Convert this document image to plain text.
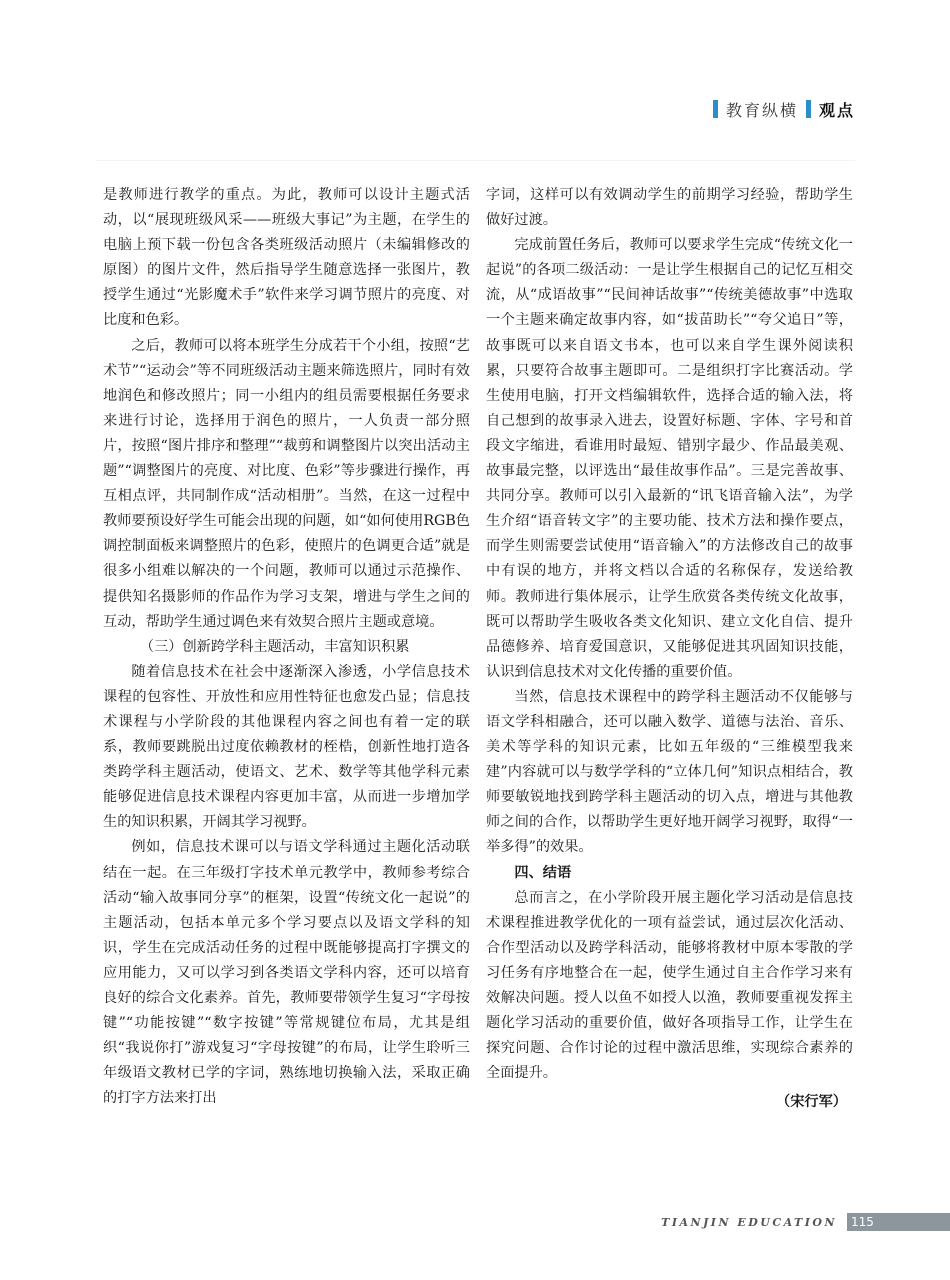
教育纵横 观点

是教师进行教学的重点。为此，教师可以设计主题式活动，以“展现班级风采——班级大事记”为主题，在学生的电脑上预下载一份包含各类班级活动照片（未编辑修改的原图）的图片文件，然后指导学生随意选择一张图片，教授学生通过“光影魔术手”软件来学习调节照片的亮度、对比度和色彩。

之后，教师可以将本班学生分成若干个小组，按照“艺术节”“运动会”等不同班级活动主题来筛选照片，同时有效地润色和修改照片；同一小组内的组员需要根据任务要求来进行讨论，选择用于润色的照片，一人负责一部分照片，按照“图片排序和整理”“裁剪和调整图片以突出活动主题”“调整图片的亮度、对比度、色彩”等步骤进行操作，再互相点评，共同制作成“活动相册”。当然，在这一过程中教师要预设好学生可能会出现的问题，如“如何使用RGB色调控制面板来调整照片的色彩，使照片的色调更合适”就是很多小组难以解决的一个问题，教师可以通过示范操作、提供知名摄影师的作品作为学习支架，增进与学生之间的互动，帮助学生通过调色来有效契合照片主题或意境。

（三）创新跨学科主题活动，丰富知识积累

随着信息技术在社会中逐渐深入渗透，小学信息技术课程的包容性、开放性和应用性特征也愈发凸显；信息技术课程与小学阶段的其他课程内容之间也有着一定的联系，教师要跳脱出过度依赖教材的桎梏，创新性地打造各类跨学科主题活动，使语文、艺术、数学等其他学科元素能够促进信息技术课程内容更加丰富，从而进一步增加学生的知识积累，开阔其学习视野。

例如，信息技术课可以与语文学科通过主题化活动联结在一起。在三年级打字技术单元教学中，教师参考综合活动“输入故事同分享”的框架，设置“传统文化一起说”的主题活动，包括本单元多个学习要点以及语文学科的知识，学生在完成活动任务的过程中既能够提高打字撰文的应用能力，又可以学习到各类语文学科内容，还可以培育良好的综合文化素养。首先，教师要带领学生复习“字母按键”“功能按键”“数字按键”等常规键位布局，尤其是组织“我说你打”游戏复习“字母按键”的布局，让学生聆听三年级语文教材已学的字词，熟练地切换输入法，采取正确的打字方法来打出

字词，这样可以有效调动学生的前期学习经验，帮助学生做好过渡。

完成前置任务后，教师可以要求学生完成“传统文化一起说”的各项二级活动：一是让学生根据自己的记忆互相交流，从“成语故事”“民间神话故事”“传统美德故事”中选取一个主题来确定故事内容，如“拔苗助长”“夸父追日”等，故事既可以来自语文书本，也可以来自学生课外阅读积累，只要符合故事主题即可。二是组织打字比赛活动。学生使用电脑，打开文档编辑软件，选择合适的输入法，将自己想到的故事录入进去，设置好标题、字体、字号和首段文字缩进，看谁用时最短、错别字最少、作品最美观、故事最完整，以评选出“最佳故事作品”。三是完善故事、共同分享。教师可以引入最新的“讯飞语音输入法”，为学生介绍“语音转文字”的主要功能、技术方法和操作要点，而学生则需要尝试使用“语音输入”的方法修改自己的故事中有误的地方，并将文档以合适的名称保存，发送给教师。教师进行集体展示，让学生欣赏各类传统文化故事，既可以帮助学生吸收各类文化知识、建立文化自信、提升品德修养、培育爱国意识，又能够促进其巩固知识技能，认识到信息技术对文化传播的重要价值。

当然，信息技术课程中的跨学科主题活动不仅能够与语文学科相融合，还可以融入数学、道德与法治、音乐、美术等学科的知识元素，比如五年级的“三维模型我来建”内容就可以与数学学科的“立体几何”知识点相结合，教师要敏锐地找到跨学科主题活动的切入点，增进与其他教师之间的合作，以帮助学生更好地开阔学习视野，取得“一举多得”的效果。

四、结语

总而言之，在小学阶段开展主题化学习活动是信息技术课程推进教学优化的一项有益尝试，通过层次化活动、合作型活动以及跨学科活动，能够将教材中原本零散的学习任务有序地整合在一起，使学生通过自主合作学习来有效解决问题。授人以鱼不如授人以渔，教师要重视发挥主题化学习活动的重要价值，做好各项指导工作，让学生在探究问题、合作讨论的过程中激活思维，实现综合素养的全面提升。

（宋行军）

TIANJIN EDUCATION 115
